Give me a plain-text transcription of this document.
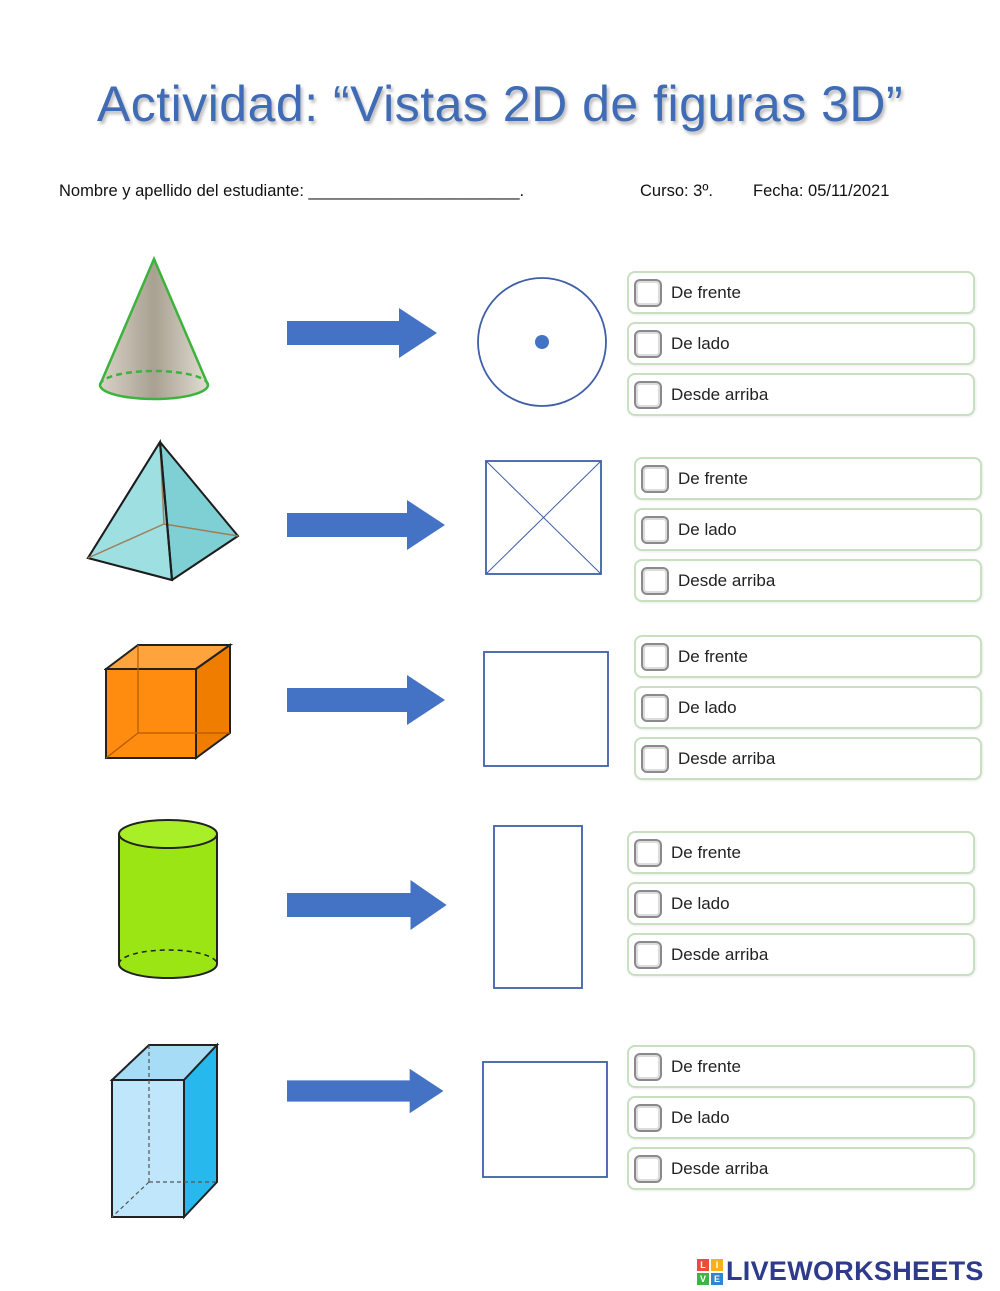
Actividad: “Vistas 2D de figuras 3D”
Nombre y apellido del estudiante: _______________________.	Curso: 3º. Fecha: 05/11/2021
De frente
De lado
Desde arriba
De frente
De lado
Desde arriba
De frente
De lado
Desde arriba
De frente
De lado
Desde arriba
De frente
De lado
Desde arriba
L	I
V E LIVEWORKSHEETS
